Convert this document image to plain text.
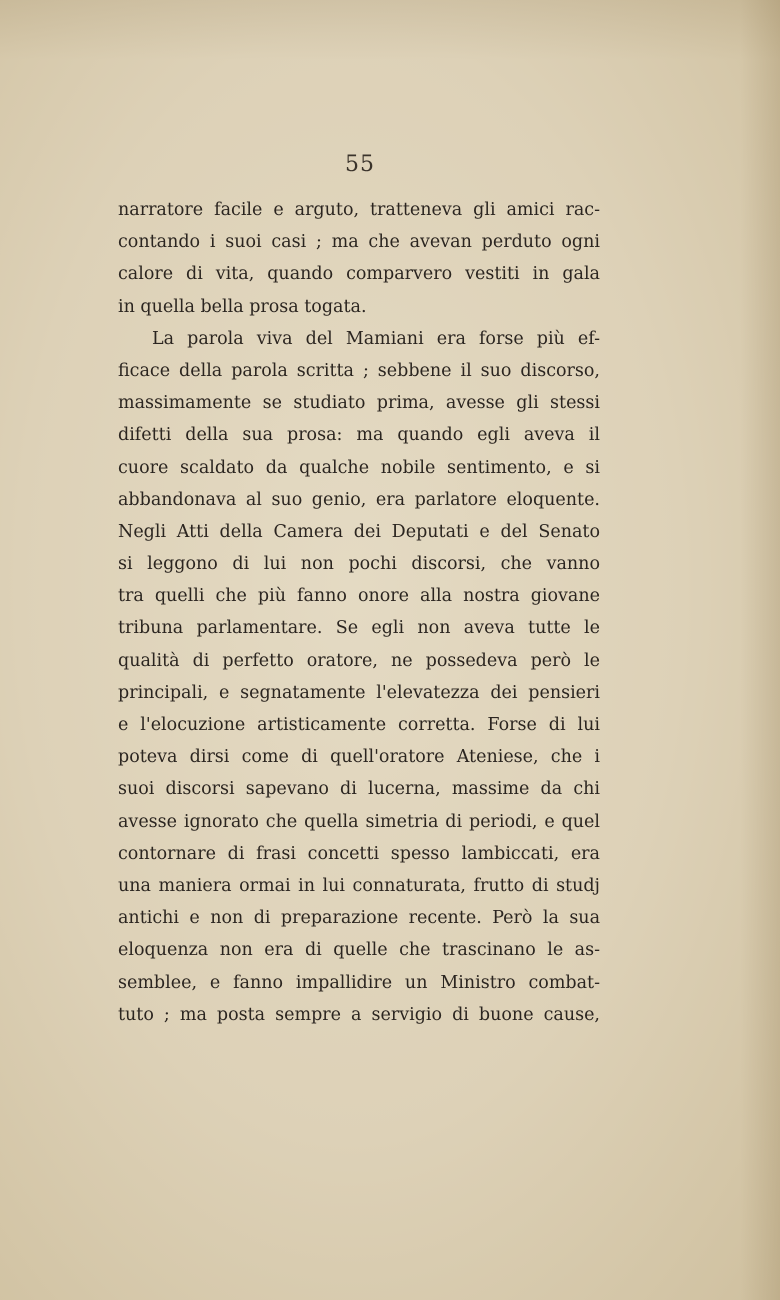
55
narratore facile e arguto, tratteneva gli amici rac-
contando i suoi casi ; ma che avevan perduto ogni
calore di vita, quando comparvero vestiti in gala
in quella bella prosa togata.
La parola viva del Mamiani era forse più ef-
ficace della parola scritta ; sebbene il suo discorso,
massimamente se studiato prima, avesse gli stessi
difetti della sua prosa: ma quando egli aveva il
cuore scaldato da qualche nobile sentimento, e si
abbandonava al suo genio, era parlatore eloquente.
Negli Atti della Camera dei Deputati e del Senato
si leggono di lui non pochi discorsi, che vanno
tra quelli che più fanno onore alla nostra giovane
tribuna parlamentare. Se egli non aveva tutte le
qualità di perfetto oratore, ne possedeva però le
principali, e segnatamente l'elevatezza dei pensieri
e l'elocuzione artisticamente corretta. Forse di lui
poteva dirsi come di quell'oratore Ateniese, che i
suoi discorsi sapevano di lucerna, massime da chi
avesse ignorato che quella simetria di periodi, e quel
contornare di frasi concetti spesso lambiccati, era
una maniera ormai in lui connaturata, frutto di studj
antichi e non di preparazione recente. Però la sua
eloquenza non era di quelle che trascinano le as-
semblee, e fanno impallidire un Ministro combat-
tuto ; ma posta sempre a servigio di buone cause,
